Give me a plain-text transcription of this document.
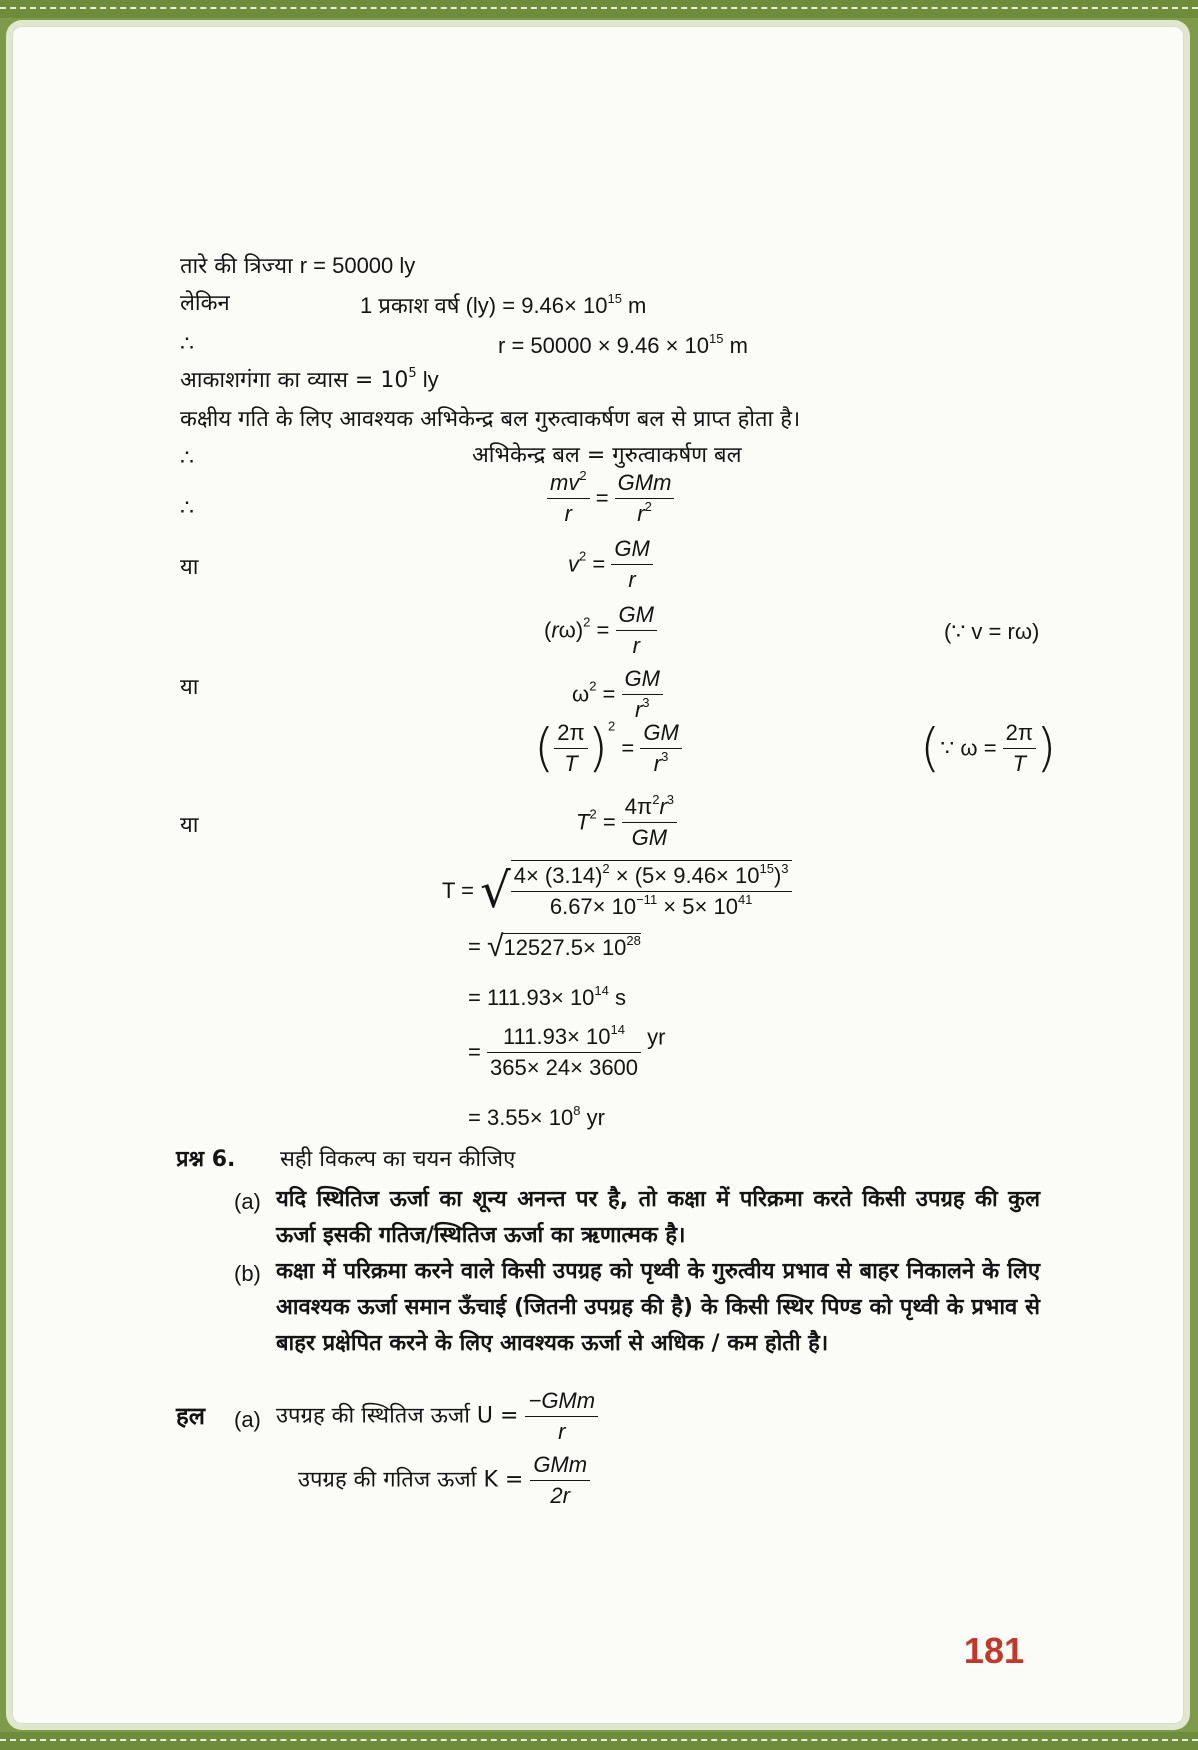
तारे की त्रिज्या r = 50000 ly
लेकिन	1 प्रकाश वर्ष $(ly) = 9.46\times 10^{15}$ m
∴	$r = 50000 \times 9.46 \times 10^{15}$ m
आकाशगंगा का व्यास = $10^5$ ly
कक्षीय गति के लिए आवश्यक अभिकेन्द्र बल गुरुत्वाकर्षण बल से प्राप्त होता है।
∴	अभिकेन्द्र बल = गुरुत्वाकर्षण बल
∴	$\frac{mv^2}{r} = \frac{\text{GMm}}{r^2}$
या	$v^2 = \frac{GM}{r}$
$(r\omega)^2 = \frac{GM}{r}$	(∵ v = rω)
या	$\omega^2 = \frac{GM}{r^3}$
( $\frac{2\pi}{T} )^2 = \frac{GM}{r^3}$	(∵ $\omega = \frac{2\pi}{T}$ )
या	$T^2 = \frac{4\pi^2r^3}{GM}$
T = √ $\frac{4\times (3.14)^2 \times (5\times 9.46\times 10^{15})^3}{6.67\times 10^{-11} \times 5\times 10^{41}}$
= $√12527.5\times 10^{28}$
= $111.93\times 10^{14}$ s
= $\frac{111.93\times 10^{14}}{365\times 24\times 3600}$ yr
= $3.55\times 10^8$ yr
प्रश्न 6. सही विकल्प का चयन कीजिए
(a) यदि स्थितिज ऊर्जा का शून्य अनन्त पर है, तो कक्षा में परिक्रमा करते किसी उपग्रह की कुल ऊर्जा इसकी गतिज/स्थितिज ऊर्जा का ऋणात्मक है।
(b) कक्षा में परिक्रमा करने वाले किसी उपग्रह को पृथ्वी के गुरुत्वीय प्रभाव से बाहर निकालने के लिए आवश्यक ऊर्जा समान ऊँचाई (जितनी उपग्रह की है) के किसी स्थिर पिण्ड को पृथ्वी के प्रभाव से बाहर प्रक्षेपित करने के लिए आवश्यक ऊर्जा से अधिक / कम होती है।
हल (a) उपग्रह की स्थितिज ऊर्जा $U = \frac{\text{−GMm}}{r}$
उपग्रह की गतिज ऊर्जा $K = \frac{\text{GMm}}{2r}$
181
